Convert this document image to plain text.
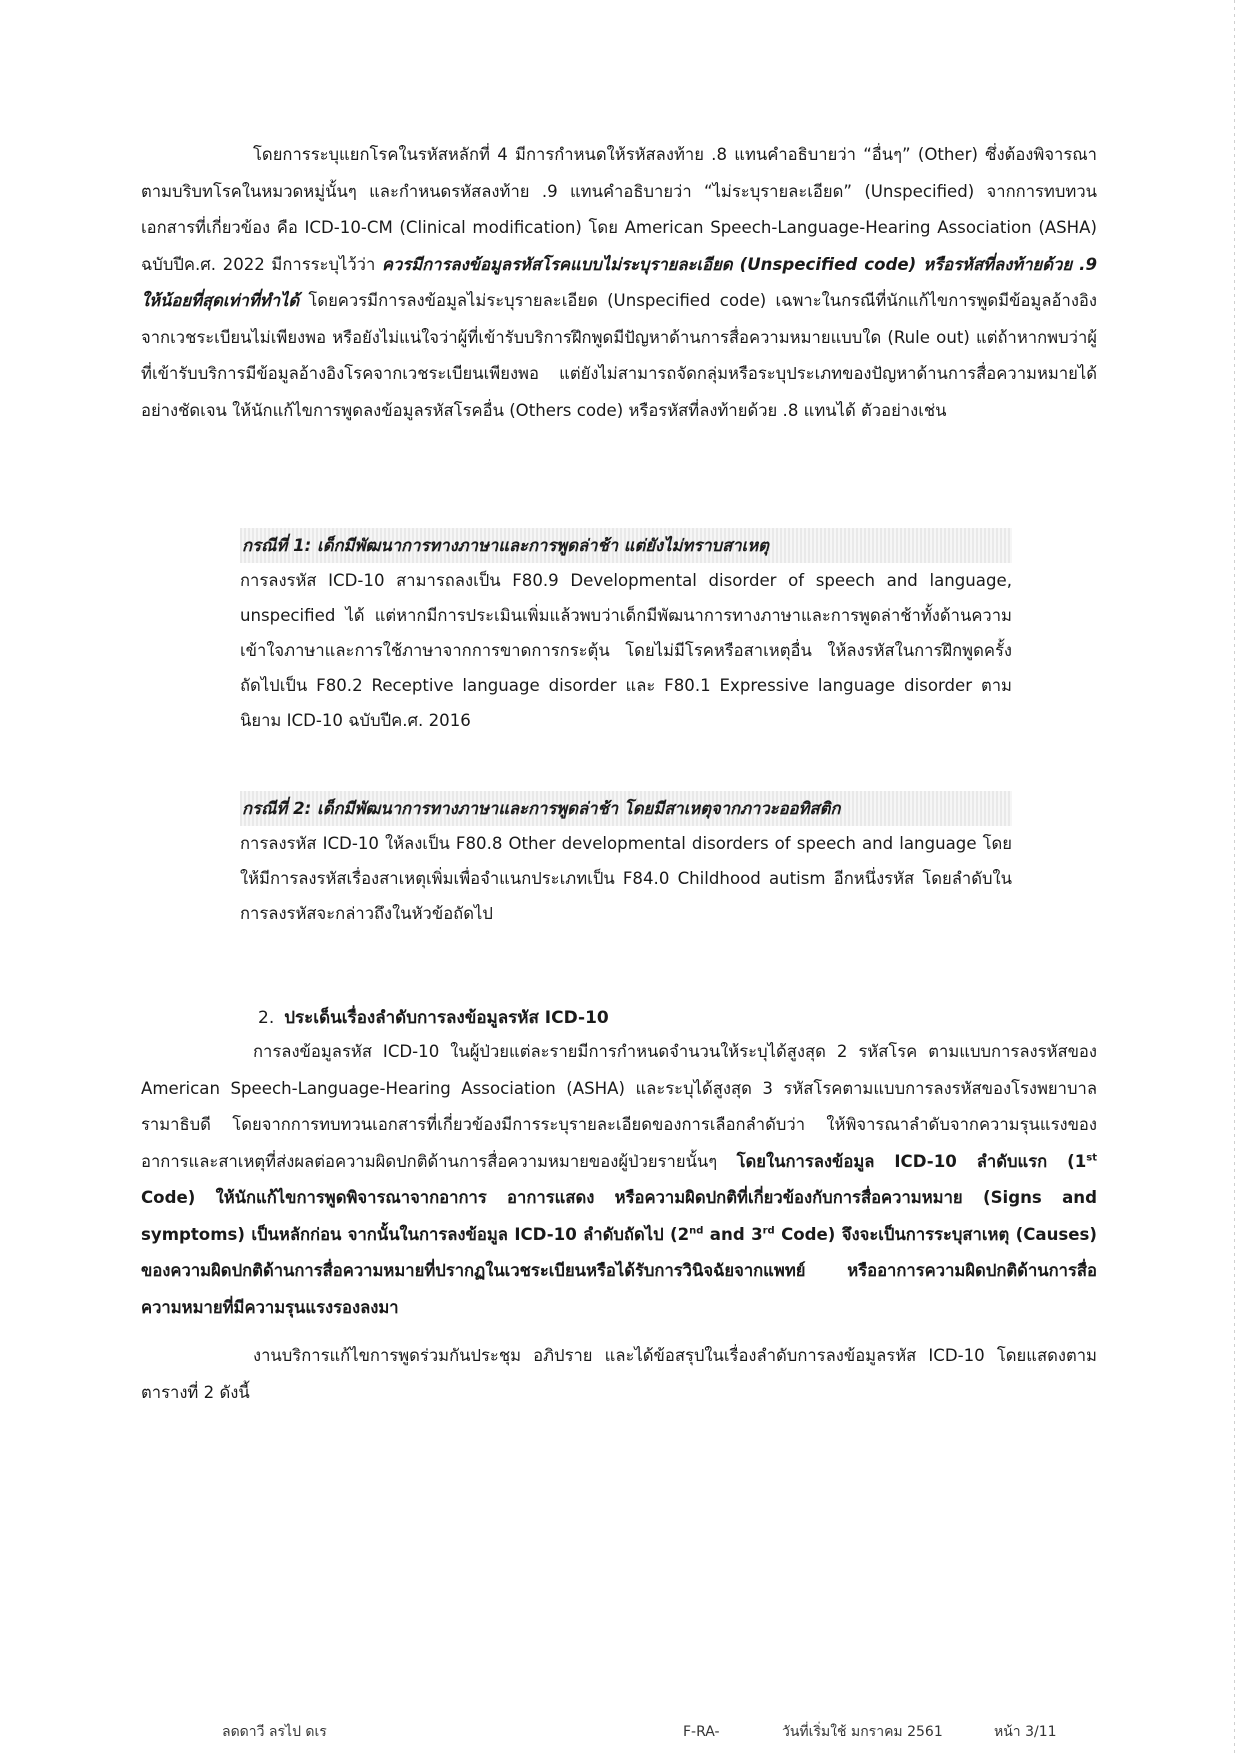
โดยการระบุแยกโรคในรหัสหลักที่ 4 มีการกำหนดให้รหัสลงท้าย .8 แทนคำอธิบายว่า “อื่นๆ” (Other) ซึ่งต้องพิจารณาตามบริบทโรคในหมวดหมู่นั้นๆ และกำหนดรหัสลงท้าย .9 แทนคำอธิบายว่า “ไม่ระบุรายละเอียด” (Unspecified) จากการทบทวนเอกสารที่เกี่ยวข้อง คือ ICD-10-CM (Clinical modification) โดย American Speech-Language-Hearing Association (ASHA) ฉบับปีค.ศ. 2022 มีการระบุไว้ว่า ควรมีการลงข้อมูลรหัสโรคแบบไม่ระบุรายละเอียด (Unspecified code) หรือรหัสที่ลงท้ายด้วย .9 ให้น้อยที่สุดเท่าที่ทำได้ โดยควรมีการลงข้อมูลไม่ระบุรายละเอียด (Unspecified code) เฉพาะในกรณีที่นักแก้ไขการพูดมีข้อมูลอ้างอิงจากเวชระเบียนไม่เพียงพอ หรือยังไม่แน่ใจว่าผู้ที่เข้ารับบริการฝึกพูดมีปัญหาด้านการสื่อความหมายแบบใด (Rule out) แต่ถ้าหากพบว่าผู้ที่เข้ารับบริการมีข้อมูลอ้างอิงโรคจากเวชระเบียนเพียงพอ แต่ยังไม่สามารถจัดกลุ่มหรือระบุประเภทของปัญหาด้านการสื่อความหมายได้อย่างชัดเจน ให้นักแก้ไขการพูดลงข้อมูลรหัสโรคอื่น (Others code) หรือรหัสที่ลงท้ายด้วย .8 แทนได้ ตัวอย่างเช่น

กรณีที่ 1: เด็กมีพัฒนาการทางภาษาและการพูดล่าช้า แต่ยังไม่ทราบสาเหตุ

การลงรหัส ICD-10 สามารถลงเป็น F80.9 Developmental disorder of speech and language, unspecified ได้ แต่หากมีการประเมินเพิ่มแล้วพบว่าเด็กมีพัฒนาการทางภาษาและการพูดล่าช้าทั้งด้านความเข้าใจภาษาและการใช้ภาษาจากการขาดการกระตุ้น โดยไม่มีโรคหรือสาเหตุอื่น ให้ลงรหัสในการฝึกพูดครั้งถัดไปเป็น F80.2 Receptive language disorder และ F80.1 Expressive language disorder ตามนิยาม ICD-10 ฉบับปีค.ศ. 2016

กรณีที่ 2: เด็กมีพัฒนาการทางภาษาและการพูดล่าช้า โดยมีสาเหตุจากภาวะออทิสติก

การลงรหัส ICD-10 ให้ลงเป็น F80.8 Other developmental disorders of speech and language โดยให้มีการลงรหัสเรื่องสาเหตุเพิ่มเพื่อจำแนกประเภทเป็น F84.0 Childhood autism อีกหนึ่งรหัส โดยลำดับในการลงรหัสจะกล่าวถึงในหัวข้อถัดไป

2. ประเด็นเรื่องลำดับการลงข้อมูลรหัส ICD-10

การลงข้อมูลรหัส ICD-10 ในผู้ป่วยแต่ละรายมีการกำหนดจำนวนให้ระบุได้สูงสุด 2 รหัสโรค ตามแบบการลงรหัสของ American Speech-Language-Hearing Association (ASHA) และระบุได้สูงสุด 3 รหัสโรคตามแบบการลงรหัสของโรงพยาบาลรามาธิบดี โดยจากการทบทวนเอกสารที่เกี่ยวข้องมีการระบุรายละเอียดของการเลือกลำดับว่า ให้พิจารณาลำดับจากความรุนแรงของอาการและสาเหตุที่ส่งผลต่อความผิดปกติด้านการสื่อความหมายของผู้ป่วยรายนั้นๆ โดยในการลงข้อมูล ICD-10 ลำดับแรก (1st Code) ให้นักแก้ไขการพูดพิจารณาจากอาการ อาการแสดง หรือความผิดปกติที่เกี่ยวข้องกับการสื่อความหมาย (Signs and symptoms) เป็นหลักก่อน จากนั้นในการลงข้อมูล ICD-10 ลำดับถัดไป (2nd and 3rd Code) จึงจะเป็นการระบุสาเหตุ (Causes) ของความผิดปกติด้านการสื่อความหมายที่ปรากฏในเวชระเบียนหรือได้รับการวินิจฉัยจากแพทย์ หรืออาการความผิดปกติด้านการสื่อความหมายที่มีความรุนแรงรองลงมา

งานบริการแก้ไขการพูดร่วมกันประชุม อภิปราย และได้ข้อสรุปในเรื่องลำดับการลงข้อมูลรหัส ICD-10 โดยแสดงตามตารางที่ 2 ดังนี้

ลดดาวี ลรไป ดเร	F-RA-	วันที่เริ่มใช้ มกราคม 2561	หน้า 3/11
